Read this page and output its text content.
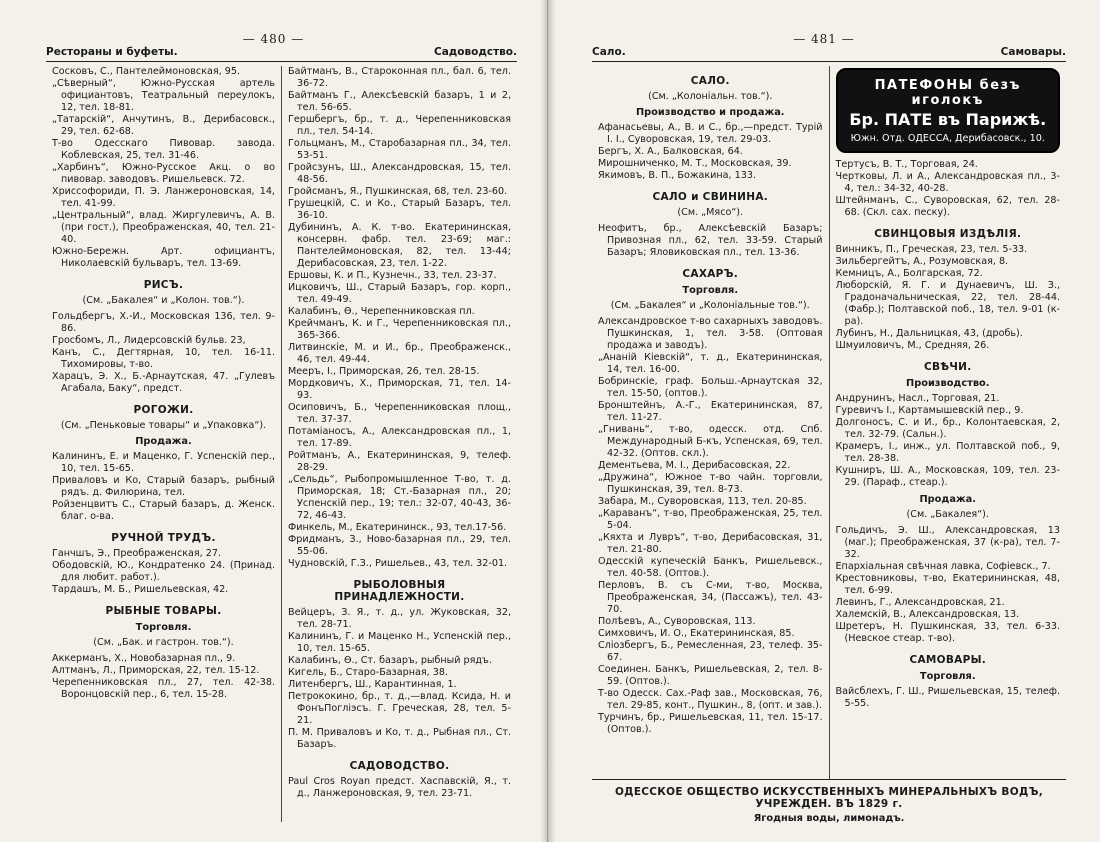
— 480 —
Рестораны и буфеты.	Садоводство.

Сосковъ, С., Пантелеймоновская, 95.

„Сѣверный“, Южно-Русская артель официантовъ, Театральный переулокъ, 12, тел. 18-81.

„Татарскiй“, Анчутинъ, В., Дерибасовск., 29, тел. 62-68.

Т-во Одесскаго Пивовар. завода. Коблевская, 25, тел. 31-46.

„Харбинъ“, Южно-Русское Акц. о во пивовар. заводовъ. Ришельевск. 72.

Хриссофориди, П. Э. Ланжероновская, 14, тел. 41-99.

„Центральный“, влад. Жиргулевичъ, А. В. (при гост.), Преображенская, 40, тел. 21-40.

Южно-Бережн. Арт. официантъ, Николаевскiй бульваръ, тел. 13-69.

РИСЪ.
(См. „Бакалея“ и „Колон. тов.“).

Гольдбергъ, Х.-И., Московская 136, тел. 9-86.

Гросбомъ, Л., Лидерсовскiй бульв. 23,

Канъ, С., Дегтярная, 10, тел. 16-11. Тихомировы, т-во.

Харацъ, Э. Х., Б.-Арнаутская, 47. „Гулевъ Агабала, Баку“, предст.

РОГОЖИ.
(См. „Пеньковые товары“ и „Упаковка“).
Продажа.

Калининъ, Е. и Маценко, Г. Успенскiй пер., 10, тел. 15-65.

Приваловъ и Ко, Старый базаръ, рыбный рядъ. д. Филюрина, тел.

Ройзенцвитъ С., Старый базаръ, д. Женск. благ. о-ва.

РУЧНОЙ ТРУДЪ.

Ганчшъ, Э., Преображенская, 27.

Ободовскiй, Ю., Кондратенко 24. (Принад. для любит. работ.).

Тардашъ, М. Б., Ришельевская, 42.

РЫБНЫЕ ТОВАРЫ.
Торговля.
(См. „Бак. и гастрон. тов.“).

Аккерманъ, Х., Новобазарная пл., 9.

Алтманъ, Л., Приморская, 22, тел. 15-12.

Черепенниковская пл., 27, тел. 42-38. Воронцовскiй пер., 6, тел. 15-28.

Байтманъ, В., Староконная пл., бал. 6, тел. 36-72.

Байтманъ Г., Алексѣевскiй базаръ, 1 и 2, тел. 56-65.

Гершбергъ, бр., т. д., Черепенниковская пл., тел. 54-14.

Гольцманъ, М., Старобазарная пл., 34, тел. 53-51.

Гройсзунъ, Ш., Александровская, 15, тел. 48-56.

Гройсманъ, Я., Пушкинская, 68, тел. 23-60.

Грушецкiй, С. и Ко., Старый Базаръ, тел. 36-10.

Дубининъ, А. К. т-во. Екатерининская, консервн. фабр. тел. 23-69; маг.: Пантелеймоновская, 82, тел. 13-44; Дерибасовская, 23, тел. 1-22.

Ершовы, К. и П., Кузнечн., 33, тел. 23-37.

Ицковичъ, Ш., Старый Базаръ, гор. корп., тел. 49-49.

Калабинъ, Ѳ., Черепенниковская пл.

Крейчманъ, К. и Г., Черепенниковская пл., 365-366.

Литвинскiе, М. и И., бр., Преображенск., 46, тел. 49-44.

Мееръ, I., Приморская, 26, тел. 28-15.

Мордковичъ, Х., Приморская, 71, тел. 14-93.

Осиповичъ, Б., Черепенниковская площ., тел. 37-37.

Потамiаносъ, А., Александровская пл., 1, тел. 17-89.

Ройтманъ, А., Екатерининская, 9, телеф. 28-29.

„Сельдь“, Рыбопромышленное Т-во, т. д. Приморская, 18; Ст.-Базарная пл., 20; Успенскiй пер., 19; тел.: 32-07, 40-43, 36-72, 46-43.

Финкель, М., Екатерининск., 93, тел.17-56.

Фридманъ, З., Ново-базарная пл., 29, тел. 55-06.

Чудновскiй, Г.З., Ришельев., 43, тел. 32-01.

РЫБОЛОВНЫЯ ПРИНАДЛЕЖНОСТИ.

Вейцеръ, З. Я., т. д., ул. Жуковская, 32, тел. 28-71.

Калининъ, Г. и Маценко Н., Успенскiй пер., 10, тел. 15-65.

Калабинъ, Ѳ., Ст. базаръ, рыбный рядъ.

Кигель, Б., Старо-Базарная, 38.

Литенбергъ, Ш., Карантинная, 1.

Петрококино, бр., т. д.,—влад. Ксида, Н. и ФонъПоглiэсъ. Г. Греческая, 28, тел. 5-21.

П. М. Приваловъ и Ко, т. д., Рыбная пл., Ст. Базаръ.

САДОВОДСТВО.

Paul Cros Royan предст. Хаспавскiй, Я., т. д., Ланжероновская, 9, тел. 23-71.

— 481 —
Сало.	Самовары.
САЛО.
(См. „Колоніальн. тов.“).
Производство и продажа.

Афанасьевы, А., В. и С., бр.,—предст. Турiй I. I., Суворовская, 19, тел. 29-03.

Бергъ, Х. А., Балковская, 64.

Мирошниченко, М. Т., Московская, 39.

Якимовъ, В. П., Божакина, 133.

САЛО и СВИНИНА.
(См. „Мясо“).

Неофитъ, бр., Алексѣевскiй Базаръ; Привозная пл., 62, тел. 33-59. Старый Базаръ; Яловиковская пл., тел. 13-36.

САХАРЪ.
Торговля.
(См. „Бакалея“ и „Колоніальные тов.“).

Александровское т-во сахарныхъ заводовъ. Пушкинская, 1, тел. 3-58. (Оптовая продажа и заводъ).

„Ананiй Кiевскiй“, т. д., Екатерининская, 14, тел. 16-00.

Бобринскiе, граф. Больш.-Арнаутская 32, тел. 15-50, (оптов.).

Бронштейнъ, А.-Г., Екатерининская, 87, тел. 11-27.

„Гнивань“, т-во, одесск. отд. Спб. Международный Б-къ, Успенская, 69, тел. 42-32. (Оптов. скл.).

Дементьева, М. I., Дерибасовская, 22.

„Дружина“, Южное т-во чайн. торговли, Пушкинская, 39, тел. 8-73.

Забара, М., Суворовская, 113, тел. 20-85.

„Караванъ“, т-во, Преображенская, 25, тел. 5-04.

„Кяхта и Лувръ“, т-во, Дерибасовская, 31, тел. 21-80.

Одесскiй купеческiй Банкъ, Ришельевск., тел. 40-58. (Оптов.).

Перловъ, В. съ С-ми, т-во, Москва, Преображенская, 34, (Пассажъ), тел. 43-70.

Полѣевъ, А., Суворовская, 113.

Симховичъ, И. О., Екатерининская, 85.

Слiозбергъ, Б., Ремесленная, 23, телеф. 35-67.

Соединен. Банкъ, Ришельевская, 2, тел. 8-59. (Оптов.).

Т-во Одесск. Сах.-Раф зав., Московская, 76, тел. 29-85, конт., Пушкин., 8, (опт. и зав.).

Турчинъ, бр., Ришельевская, 11, тел. 15-17. (Оптов.).

ПАТЕФОНЫ безъ иголокъ
Бр. ПАТЕ въ Парижѣ.
Южн. Отд. ОДЕССА, Дерибасовск., 10.

Тертусъ, В. Т., Торговая, 24.

Чертковы, Л. и А., Александровская пл., 3-4, тел.: 34-32, 40-28.

Штейнманъ, С., Суворовская, 62, тел. 28-68. (Скл. сах. песку).

СВИНЦОВЫЯ ИЗДѢЛIЯ.

Винникъ, П., Греческая, 23, тел. 5-33.

Зильбергейтъ, А., Розумовская, 8.

Кемницъ, А., Болгарская, 72.

Люборскiй, Я. Г. и Дунаевичъ, Ш. З., Градоначальническая, 22, тел. 28-44. (Фабр.); Полтавской поб., 18, тел. 9-01 (к-ра).

Лубинъ, Н., Дальницкая, 43, (дробь).

Шмуиловичъ, М., Средняя, 26.

СВѢЧИ.
Производство.

Андрунинъ, Насл., Торговая, 21.

Гуревичъ I., Картамышевскiй пер., 9.

Долгоносъ, С. и И., бр., Колонтаевская, 2, тел. 32-79. (Сальн.).

Крамеръ, I., инж., ул. Полтавской поб., 9, тел. 28-38.

Кушниръ, Ш. А., Московская, 109, тел. 23-29. (Параф., стеар.).

Продажа.
(См. „Бакалея“).

Гольдичъ, Э. Ш., Александровская, 13 (маг.); Преображенская, 37 (к-ра), тел. 7-32.

Епархiальная свѣчная лавка, Софiевск., 7.

Крестовниковы, т-во, Екатерининская, 48, тел. 6-99.

Левинъ, Г., Александровская, 21.

Халемскiй, В., Александровская, 13.

Шретеръ, Н. Пушкинская, 33, тел. 6-33. (Невское стеар. т-во).

САМОВАРЫ.
Торговля.

Вайсблехъ, Г. Ш., Ришельевская, 15, телеф. 5-55.

ОДЕССКОЕ ОБЩЕСТВО ИСКУССТВЕННЫХЪ МИНЕРАЛЬНЫХЪ ВОДЪ, УЧРЕЖДЕН. ВЪ 1829 г.
Ягодныя воды, лимонадъ.
